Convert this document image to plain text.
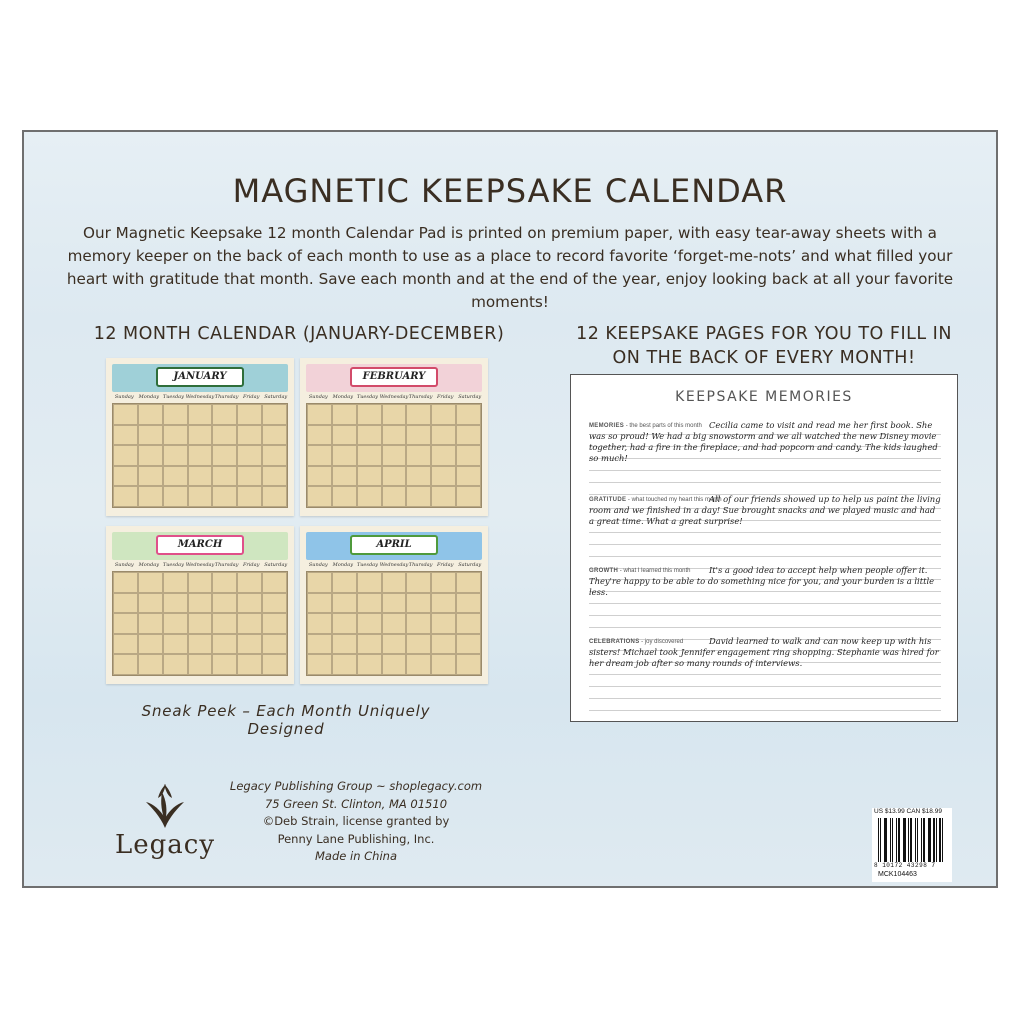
MAGNETIC KEEPSAKE CALENDAR
Our Magnetic Keepsake 12 month Calendar Pad is printed on premium paper, with easy tear-away sheets with a memory keeper on the back of each month to use as a place to record favorite ‘forget-me-nots’ and what filled your heart with gratitude that month. Save each month and at the end of the year, enjoy looking back at all your favorite moments!
12 MONTH CALENDAR (JANUARY-DECEMBER)	12 KEEPSAKE PAGES FOR YOU TO FILL IN ON THE BACK OF EVERY MONTH!
JANUARY
Sunday Monday Tuesday Wednesday Thursday Friday Saturday
FEBRUARY
Sunday Monday Tuesday Wednesday Thursday Friday Saturday
MARCH
Sunday Monday Tuesday Wednesday Thursday Friday Saturday
APRIL
Sunday Monday Tuesday Wednesday Thursday Friday Saturday
Sneak Peek – Each Month Uniquely Designed
KEEPSAKE MEMORIES
MEMORIES - the best parts of this month Cecilia came to visit and read me her first book. She was so proud! We had a big snowstorm and we all watched the new Disney movie together, had a fire in the fireplace, and had popcorn and candy. The kids laughed so much!
GRATITUDE - what touched my heart this month
All of our friends showed up to help us paint the living room and we finished in a day! Sue brought snacks and we played music and had a great time. What a great surprise!
GROWTH - what I learned this month	It's a good idea to accept help when people offer it. They're happy to be able to do something nice for you, and your burden is a little less.
CELEBRATIONS - joy discovered	David learned to walk and can now keep up with his sisters! Michael took Jennifer engagement ring shopping. Stephanie was hired for her dream job after so many rounds of interviews.
Legacy
Legacy Publishing Group ~ shoplegacy.com
75 Green St. Clinton, MA 01510
©Deb Strain, license granted by
Penny Lane Publishing, Inc.
Made in China
US $13.99 CAN $18.99
8 10172 43298 7
MCK104463
